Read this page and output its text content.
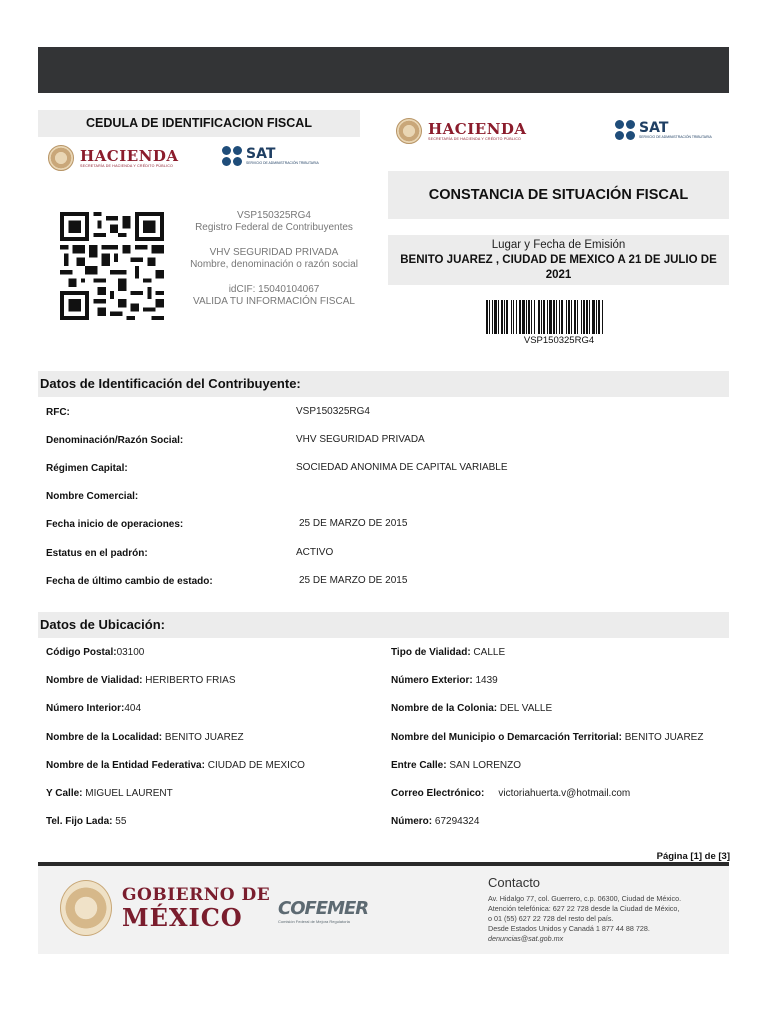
CEDULA DE IDENTIFICACION FISCAL
HACIENDA
SECRETARÍA DE HACIENDA Y CRÉDITO PÚBLICO
SAT
SERVICIO DE ADMINISTRACIÓN TRIBUTARIA
HACIENDA
SECRETARÍA DE HACIENDA Y CRÉDITO PÚBLICO
SAT
SERVICIO DE ADMINISTRACIÓN TRIBUTARIA
VSP150325RG4
Registro Federal de Contribuyentes
VHV SEGURIDAD PRIVADA
Nombre, denominación o razón social
idCIF: 15040104067
VALIDA TU INFORMACIÓN FISCAL
CONSTANCIA DE SITUACIÓN FISCAL
Lugar y Fecha de Emisión
BENITO JUAREZ , CIUDAD DE MEXICO A 21 DE JULIO DE 2021
VSP150325RG4
Datos de Identificación del Contribuyente:
RFC:	VSP150325RG4
Denominación/Razón Social:	VHV SEGURIDAD PRIVADA
Régimen Capital:	SOCIEDAD ANONIMA DE CAPITAL VARIABLE
Nombre Comercial:
Fecha inicio de operaciones:	25 DE MARZO DE 2015
Estatus en el padrón:	ACTIVO
Fecha de último cambio de estado:	25 DE MARZO DE 2015
Datos de Ubicación:
Código Postal:03100	Tipo de Vialidad: CALLE
Nombre de Vialidad: HERIBERTO FRIAS	Número Exterior: 1439
Número Interior:404	Nombre de la Colonia: DEL VALLE
Nombre de la Localidad: BENITO JUAREZ	Nombre del Municipio o Demarcación Territorial: BENITO JUAREZ
Nombre de la Entidad Federativa: CIUDAD DE MEXICO	Entre Calle: SAN LORENZO
Y Calle: MIGUEL LAURENT	Correo Electrónico: victoriahuerta.v@hotmail.com
Tel. Fijo Lada: 55	Número: 67294324
Página [1] de [3]
GOBIERNO DE
MÉXICO	COFEMER
Comisión Federal de Mejora Regulatoria
Contacto
Av. Hidalgo 77, col. Guerrero, c.p. 06300, Ciudad de México.
Atención telefónica: 627 22 728 desde la Ciudad de México,
o 01 (55) 627 22 728 del resto del país.
Desde Estados Unidos y Canadá 1 877 44 88 728.
denuncias@sat.gob.mx
